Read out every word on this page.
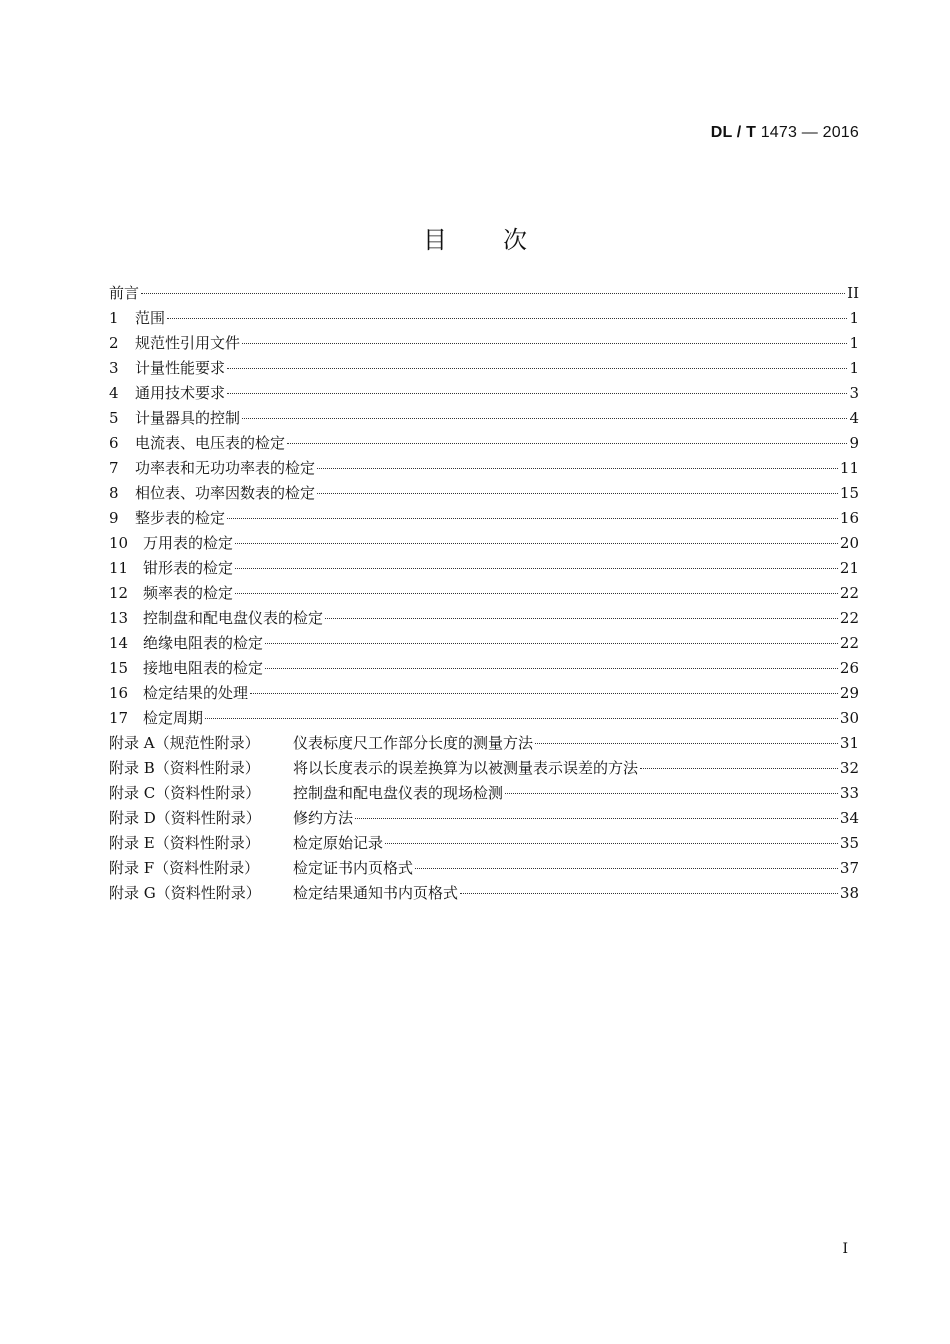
DL / T 1473 — 2016
目次
前言	II
1	范围	1
2	规范性引用文件	1
3	计量性能要求	1
4	通用技术要求	3
5	计量器具的控制	4
6	电流表、电压表的检定	9
7	功率表和无功功率表的检定	11
8	相位表、功率因数表的检定	15
9	整步表的检定	16
10 万用表的检定	20
11 钳形表的检定	21
12 频率表的检定	22
13 控制盘和配电盘仪表的检定	22
14 绝缘电阻表的检定	22
15 接地电阻表的检定	26
16 检定结果的处理	29
17 检定周期	30
附录 A（规范性附录）	仪表标度尺工作部分长度的测量方法	31
附录 B（资料性附录）	将以长度表示的误差换算为以被测量表示误差的方法	32
附录 C（资料性附录）	控制盘和配电盘仪表的现场检测	33
附录 D（资料性附录）	修约方法	34
附录 E（资料性附录）	检定原始记录	35
附录 F（资料性附录）	检定证书内页格式	37
附录 G（资料性附录）	检定结果通知书内页格式	38
I
